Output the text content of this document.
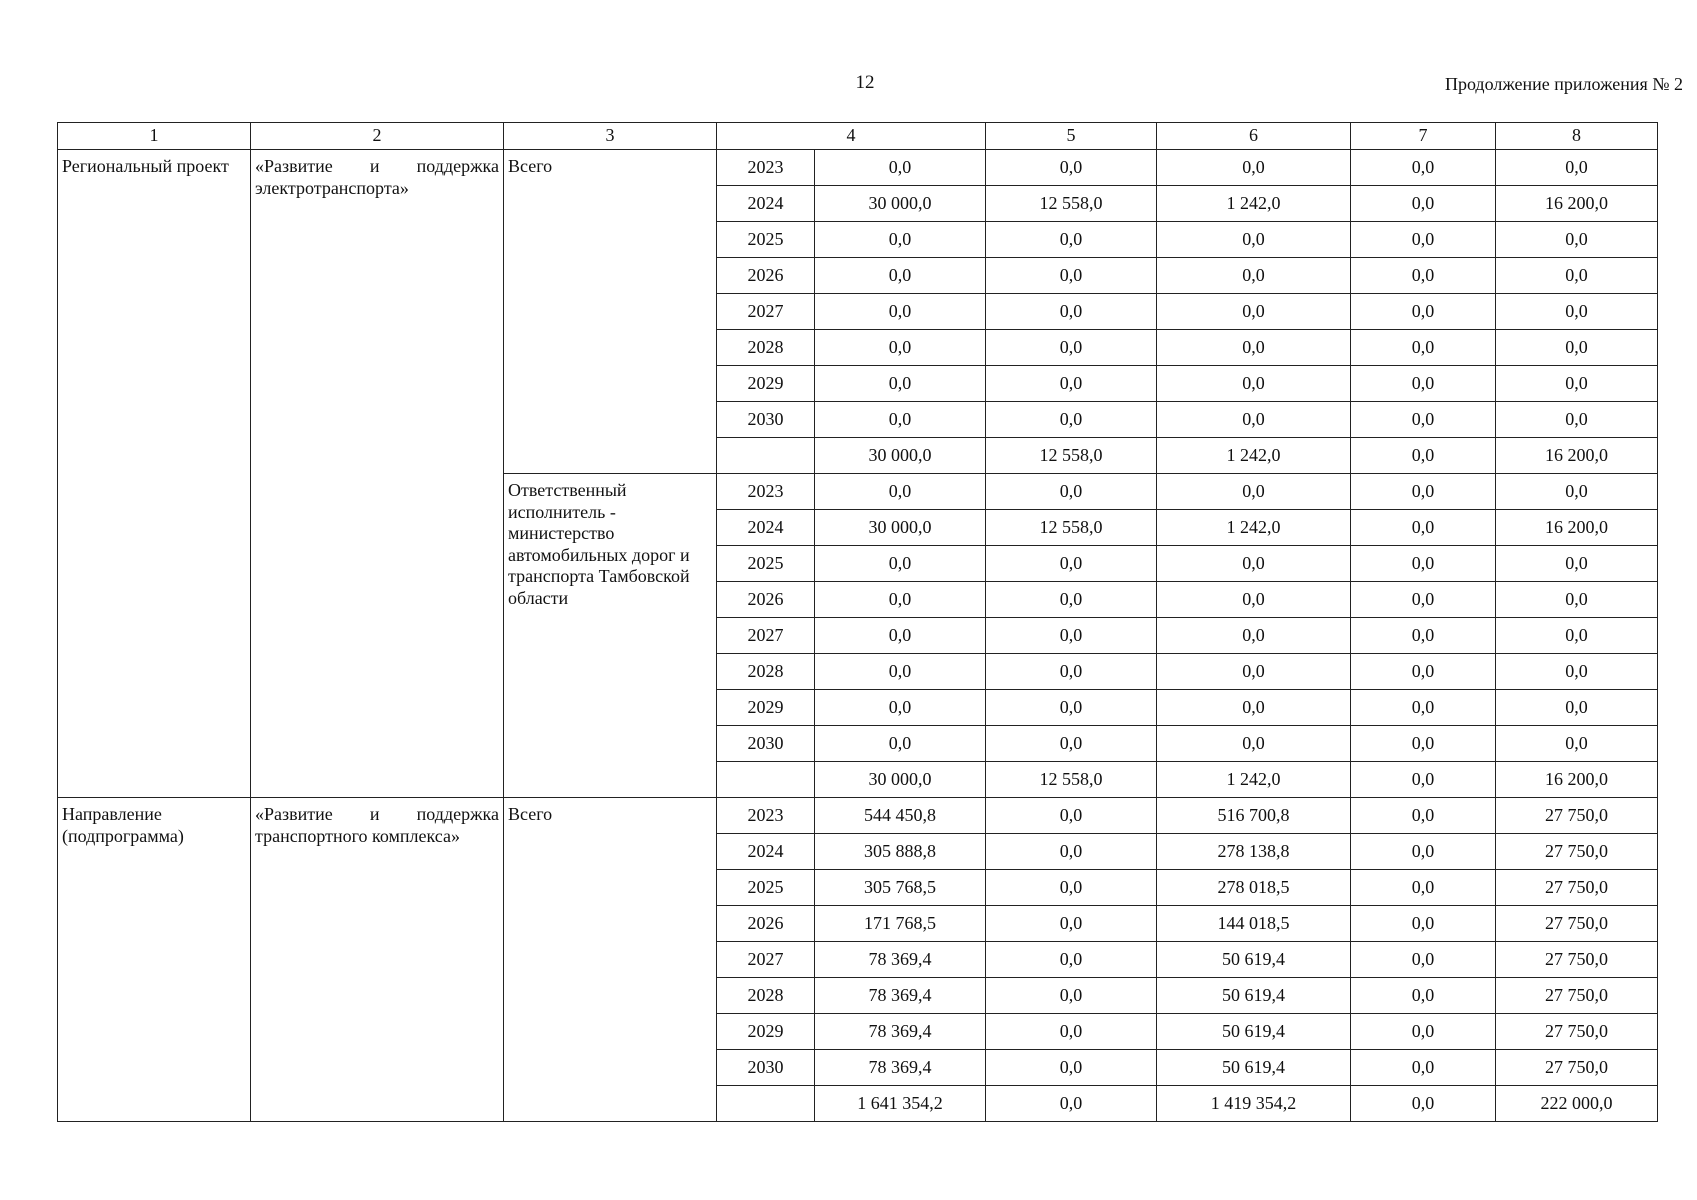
12	Продолжение приложения № 2
1	2	3	4		5	6	7	8
Региональный проект	«Развитие и поддержка электротранспорта»	Всего	2023	0,0	0,0	0,0	0,0	0,0
			2024	30 000,0	12 558,0	1 242,0	0,0	16 200,0
			2025	0,0	0,0	0,0	0,0	0,0
			2026	0,0	0,0	0,0	0,0	0,0
			2027	0,0	0,0	0,0	0,0	0,0
			2028	0,0	0,0	0,0	0,0	0,0
			2029	0,0	0,0	0,0	0,0	0,0
			2030	0,0	0,0	0,0	0,0	0,0
				30 000,0	12 558,0	1 242,0	0,0	16 200,0
		Ответственный исполнитель - министерство автомобильных дорог и транспорта Тамбовской области	2023	0,0	0,0	0,0	0,0	0,0
			2024	30 000,0	12 558,0	1 242,0	0,0	16 200,0
			2025	0,0	0,0	0,0	0,0	0,0
			2026	0,0	0,0	0,0	0,0	0,0
			2027	0,0	0,0	0,0	0,0	0,0
			2028	0,0	0,0	0,0	0,0	0,0
			2029	0,0	0,0	0,0	0,0	0,0
			2030	0,0	0,0	0,0	0,0	0,0
				30 000,0	12 558,0	1 242,0	0,0	16 200,0
Направление (подпрограмма)	«Развитие и поддержка транспортного комплекса»	Всего	2023	544 450,8	0,0	516 700,8	0,0	27 750,0
			2024	305 888,8	0,0	278 138,8	0,0	27 750,0
			2025	305 768,5	0,0	278 018,5	0,0	27 750,0
			2026	171 768,5	0,0	144 018,5	0,0	27 750,0
			2027	78 369,4	0,0	50 619,4	0,0	27 750,0
			2028	78 369,4	0,0	50 619,4	0,0	27 750,0
			2029	78 369,4	0,0	50 619,4	0,0	27 750,0
			2030	78 369,4	0,0	50 619,4	0,0	27 750,0
				1 641 354,2	0,0	1 419 354,2	0,0	222 000,0
